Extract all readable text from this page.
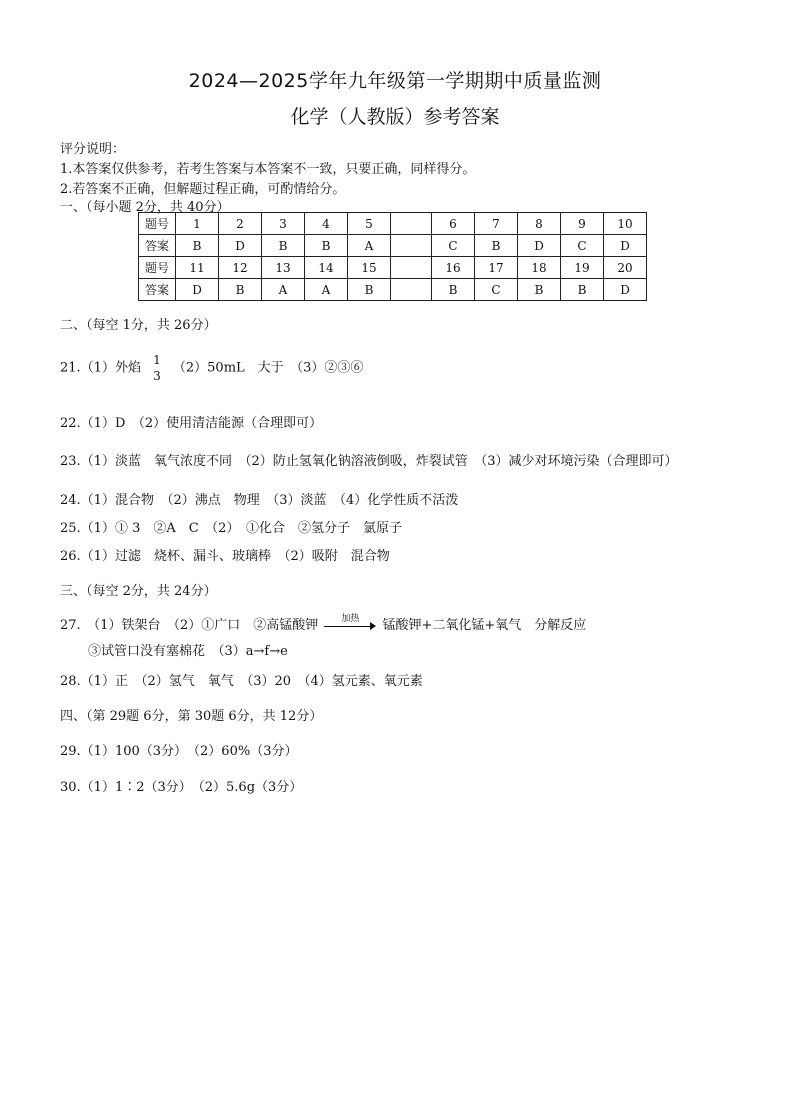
2024—2025学年九年级第一学期期中质量监测
化学（人教版）参考答案
评分说明：
1.本答案仅供参考，若考生答案与本答案不一致，只要正确，同样得分。
2.若答案不正确，但解题过程正确，可酌情给分。
一、（每小题 2分，共 40分）
题号	1	2	3	4	5		6	7	8	9	10
答案	B	D	B	B	A		C	B	D	C	D
题号	11	12	13	14	15		16	17	18	19	20
答案	D	B	A	A	B		B	C	B	B	D
二、（每空 1分，共 26分）
21.（1）外焰
1
3
（2）50mL　大于　（3）②③⑥
22.（1）D　（2）使用清洁能源（合理即可）
23.（1）淡蓝　氧气浓度不同　（2）防止氢氧化钠溶液倒吸，炸裂试管　（3）减少对环境污染（合理即可）
24.（1）混合物　（2）沸点　物理　（3）淡蓝　（4）化学性质不活泼
25.（1）① 3　②A　C　（2）　①化合　②氢分子　氯原子
26.（1）过滤　烧杯、漏斗、玻璃棒　（2）吸附　混合物
三、（每空 2分，共 24分）
27.　（1）铁架台　（2）①广口　②高锰酸钾	加热	锰酸钾+二氧化锰+氧气　分解反应
③试管口没有塞棉花　（3）a→f→e
28.（1）正　（2）氢气　氧气　（3）20　（4）氢元素、氧元素
四、（第 29题 6分，第 30题 6分，共 12分）
29.（1）100（3分）　（2）60%（3分）
30.（1）1∶2（3分）　（2）5.6g（3分）
